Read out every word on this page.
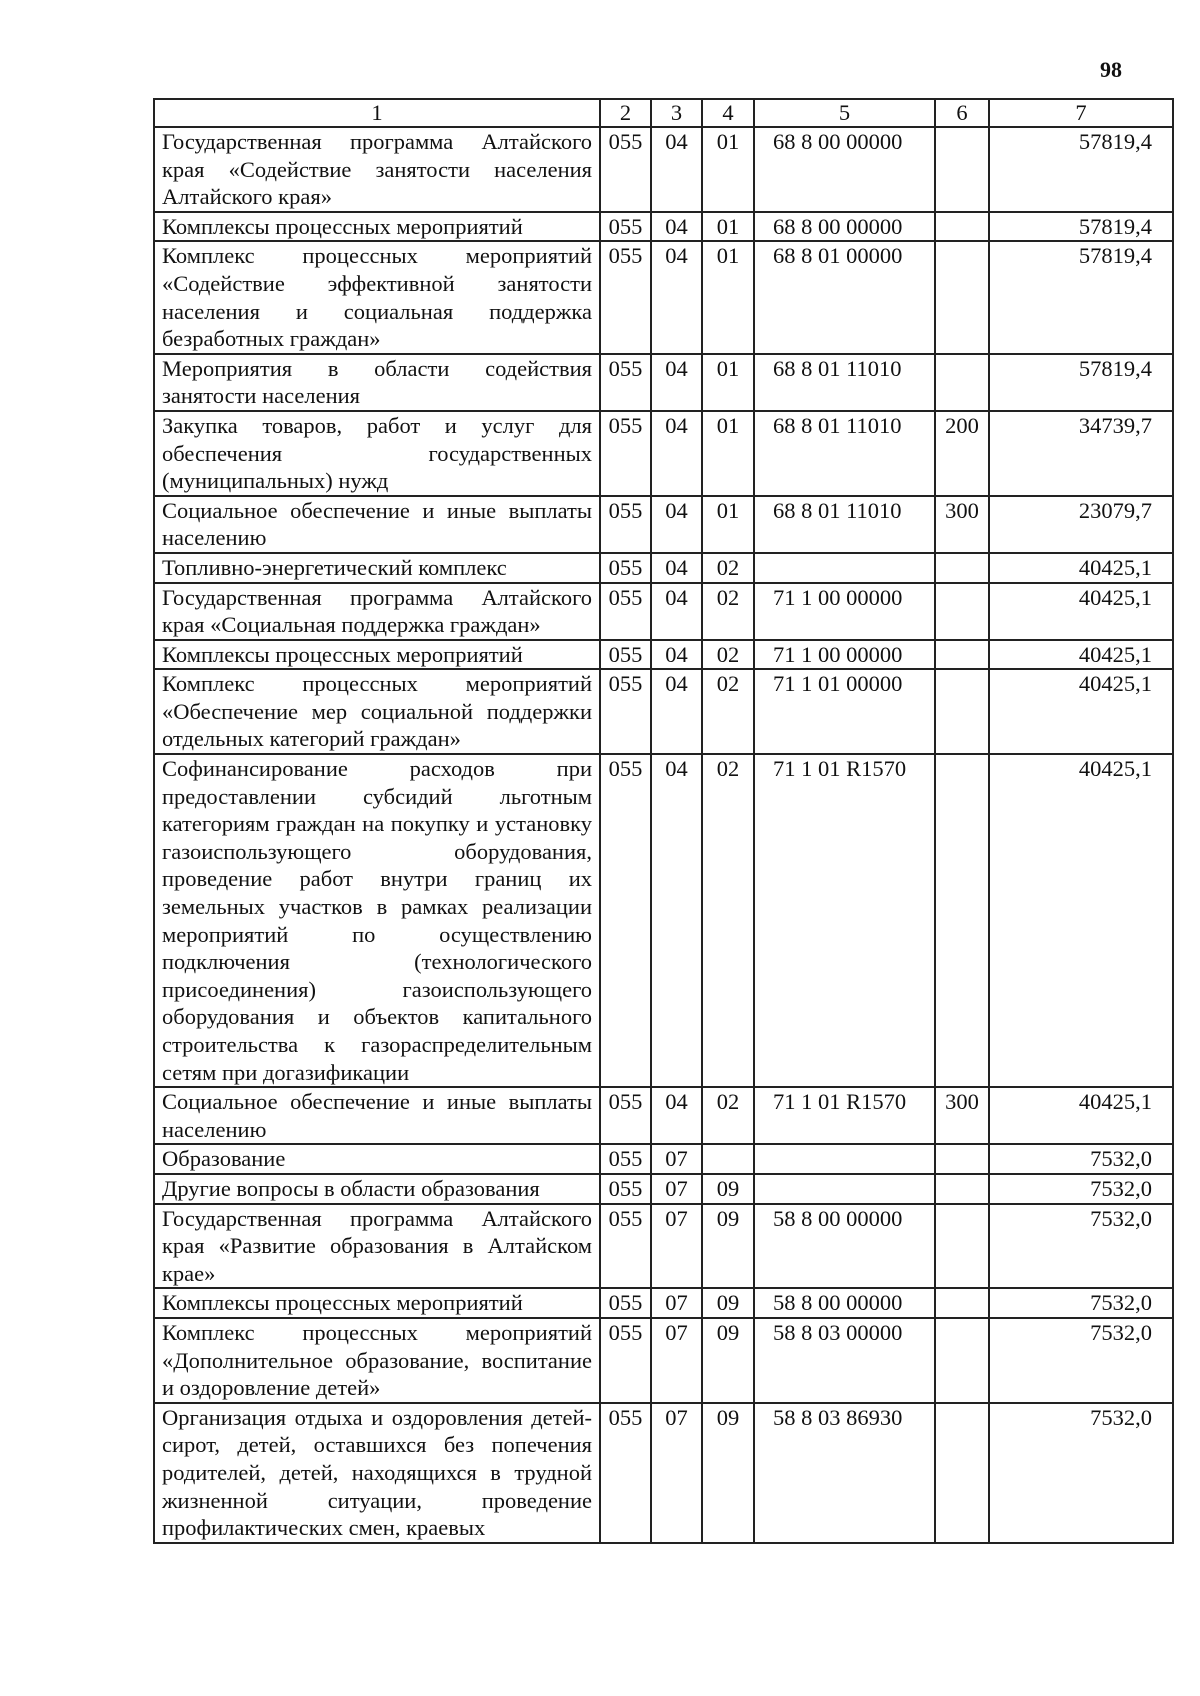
98
1	2	3	4	5	6	7
Государственная программа Алтайского края «Содействие занятости населения Алтайского края»	055	04	01	68 8 00 00000		57819,4
Комплексы процессных мероприятий	055	04	01	68 8 00 00000		57819,4
Комплекс процессных мероприятий «Содействие эффективной занятости населения и социальная поддержка безработных граждан»	055	04	01	68 8 01 00000		57819,4
Мероприятия в области содействия занятости населения	055	04	01	68 8 01 11010		57819,4
Закупка товаров, работ и услуг для обеспечения государственных (муниципальных) нужд	055	04	01	68 8 01 11010	200	34739,7
Социальное обеспечение и иные выплаты населению	055	04	01	68 8 01 11010	300	23079,7
Топливно-энергетический комплекс	055	04	02			40425,1
Государственная программа Алтайского края «Социальная поддержка граждан»	055	04	02	71 1 00 00000		40425,1
Комплексы процессных мероприятий	055	04	02	71 1 00 00000		40425,1
Комплекс процессных мероприятий «Обеспечение мер социальной поддержки отдельных категорий граждан»	055	04	02	71 1 01 00000		40425,1
Софинансирование расходов при предоставлении субсидий льготным категориям граждан на покупку и установку газоиспользующего оборудования, проведение работ внутри границ их земельных участков в рамках реализации мероприятий по осуществлению подключения (технологического присоединения) газоиспользующего оборудования и объектов капитального строительства к газораспределительным сетям при догазификации	055	04	02	71 1 01 R1570		40425,1
Социальное обеспечение и иные выплаты населению	055	04	02	71 1 01 R1570	300	40425,1
Образование	055	07				7532,0
Другие вопросы в области образования	055	07	09			7532,0
Государственная программа Алтайского края «Развитие образования в Алтайском крае»	055	07	09	58 8 00 00000		7532,0
Комплексы процессных мероприятий	055	07	09	58 8 00 00000		7532,0
Комплекс процессных мероприятий «Дополнительное образование, воспитание и оздоровление детей»	055	07	09	58 8 03 00000		7532,0
Организация отдыха и оздоровления детей-сирот, детей, оставшихся без попечения родителей, детей, находящихся в трудной жизненной ситуации, проведение профилактических смен, краевых	055	07	09	58 8 03 86930		7532,0
